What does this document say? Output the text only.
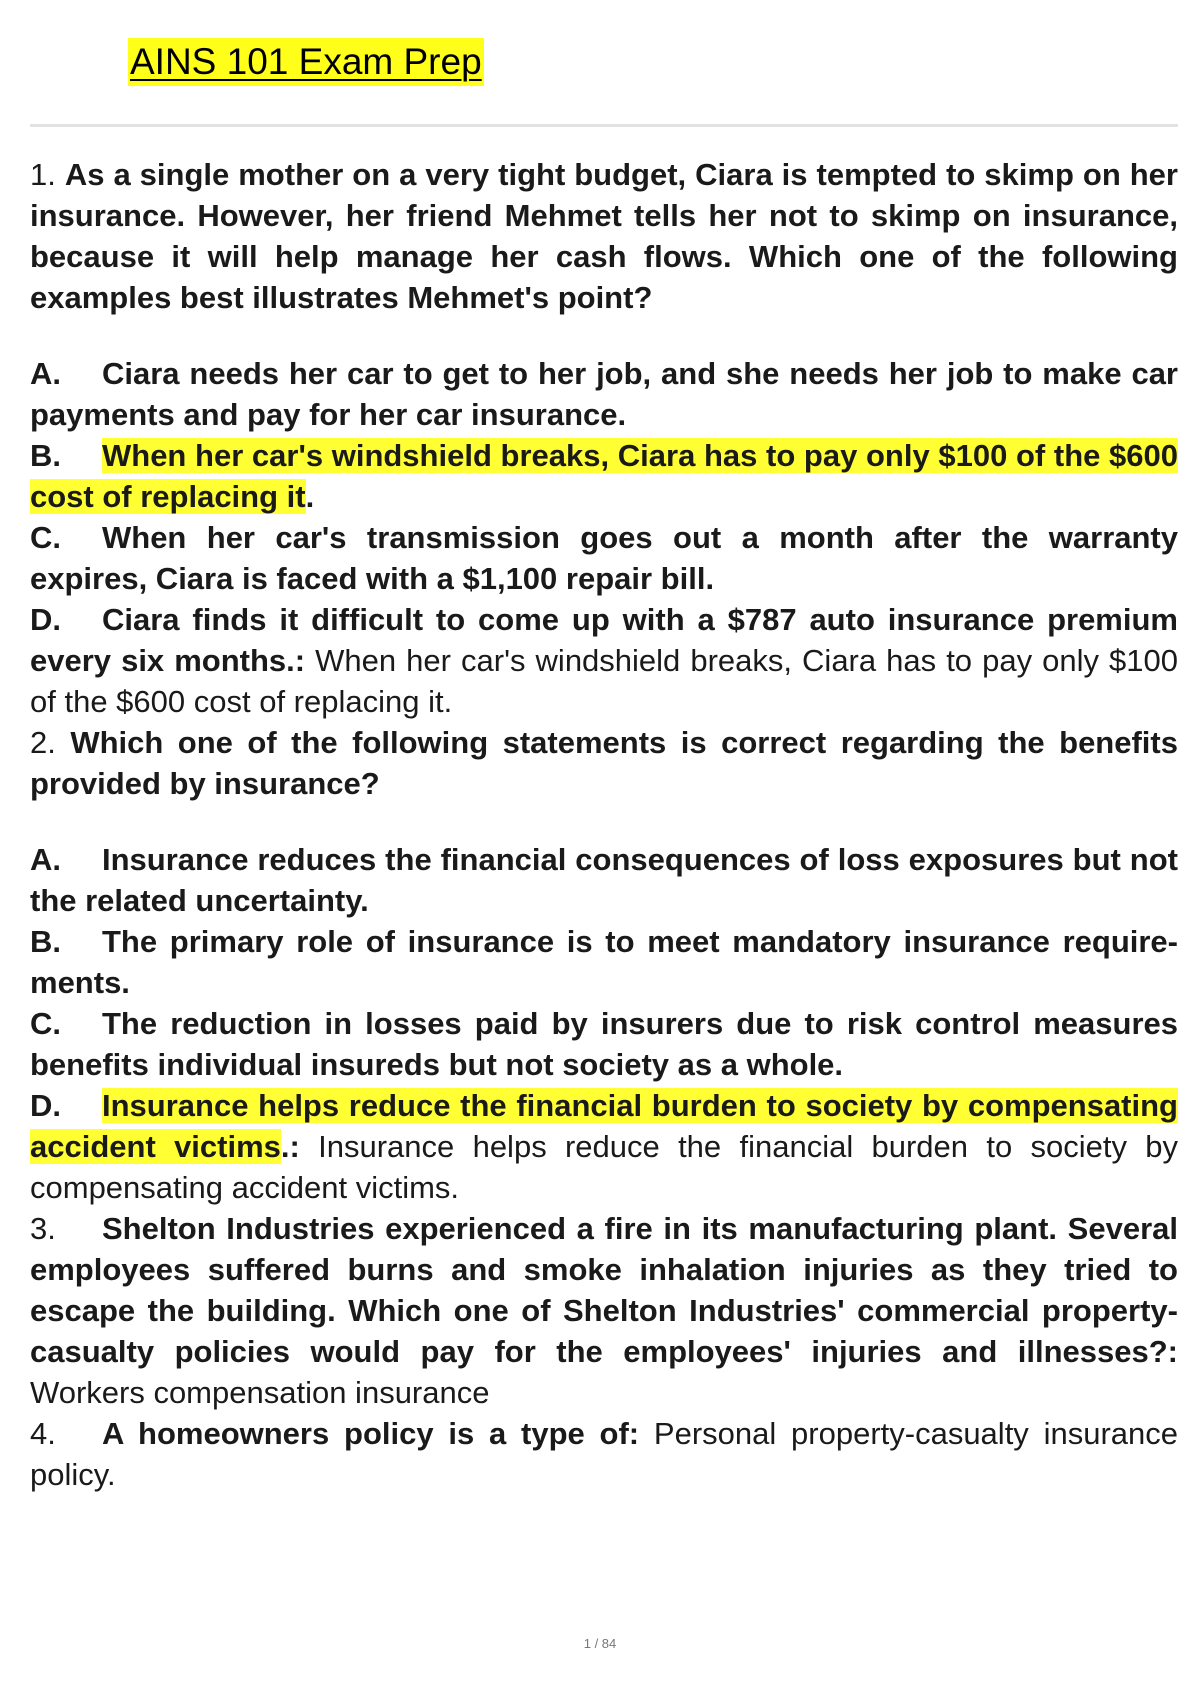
AINS 101 Exam Prep

1. As a single mother on a very tight budget, Ciara is tempted to skimp on her insurance. However, her friend Mehmet tells her not to skimp on insurance, because it will help manage her cash flows. Which one of the following examples best illustrates Mehmet's point?

A. Ciara needs her car to get to her job, and she needs her job to make car payments and pay for her car insurance.

B. When her car's windshield breaks, Ciara has to pay only $100 of the $600 cost of replacing it.

C. When her car's transmission goes out a month after the warranty expires, Ciara is faced with a $1,100 repair bill.

D. Ciara finds it difficult to come up with a $787 auto insurance premium every six months.: When her car's windshield breaks, Ciara has to pay only $100 of the $600 cost of replacing it.

2. Which one of the following statements is correct regarding the benefits provided by insurance?

A. Insurance reduces the financial consequences of loss exposures but not the related uncertainty.

B. The primary role of insurance is to meet mandatory insurance require-ments.

C. The reduction in losses paid by insurers due to risk control measures benefits individual insureds but not society as a whole.

D. Insurance helps reduce the financial burden to society by compensating accident victims.: Insurance helps reduce the financial burden to society by compensating accident victims.

3. Shelton Industries experienced a fire in its manufacturing plant. Several employees suffered burns and smoke inhalation injuries as they tried to escape the building. Which one of Shelton Industries' commercial property-casualty policies would pay for the employees' injuries and illnesses?: Workers compensation insurance

4. A homeowners policy is a type of: Personal property-casualty insurance policy.

1 / 84
